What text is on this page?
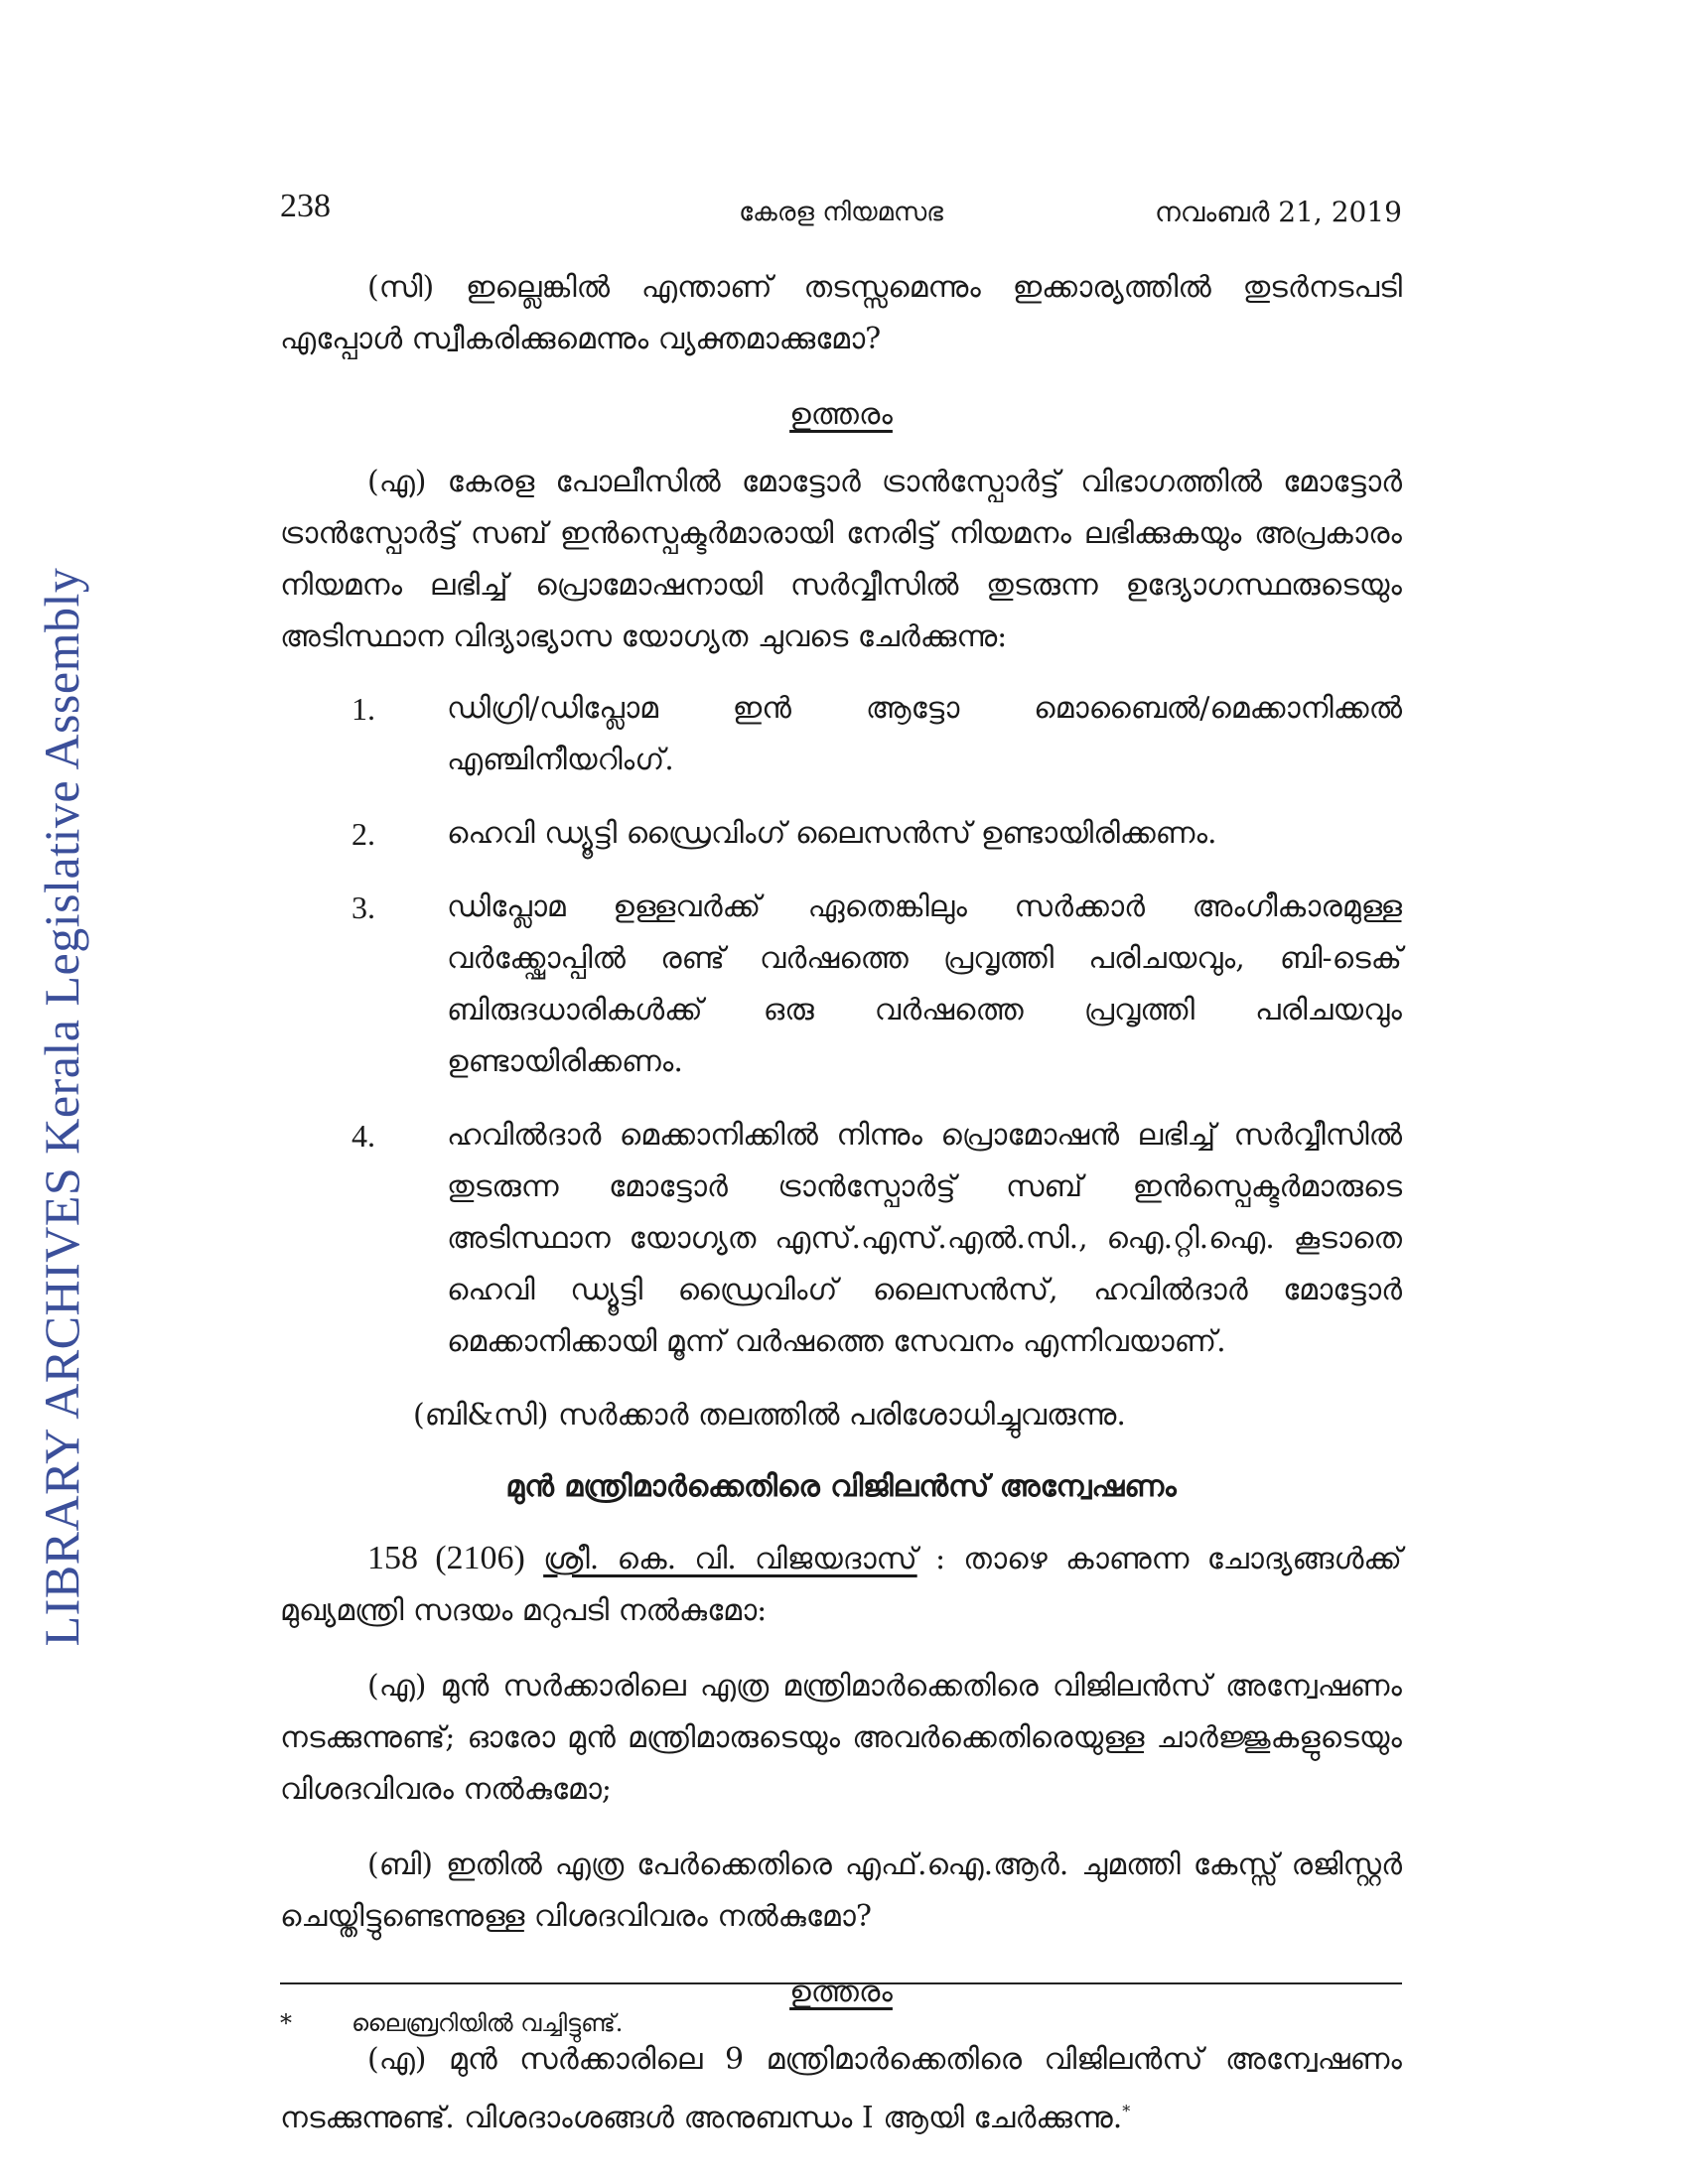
LIBRARY ARCHIVES Kerala Legislative Assembly
238	കേരള നിയമസഭ	നവംബര്‍ 21, 2019

(സി) ഇല്ലെങ്കില്‍ എന്താണ് തടസ്സമെന്നും ഇക്കാര്യത്തില്‍ തുടര്‍നടപടി എപ്പോള്‍ സ്വീകരിക്കുമെന്നും വ്യക്തമാക്കുമോ?

ഉത്തരം

(എ) കേരള പോലീസില്‍ മോട്ടോര്‍ ട്രാന്‍സ്പോര്‍ട്ട് വിഭാഗത്തില്‍ മോട്ടോര്‍ ട്രാന്‍സ്പോര്‍ട്ട് സബ് ഇന്‍സ്പെക്ടര്‍മാരായി നേരിട്ട് നിയമനം ലഭിക്കുകയും അപ്രകാരം നിയമനം ലഭിച്ച് പ്രൊമോഷനായി സര്‍വ്വീസില്‍ തുടരുന്ന ഉദ്യോഗസ്ഥരുടെയും അടിസ്ഥാന വിദ്യാഭ്യാസ യോഗ്യത ചുവടെ ചേര്‍ക്കുന്നു:

1.	ഡിഗ്രി/ഡിപ്ലോമ ഇന്‍ ആട്ടോ മൊബൈല്‍/മെക്കാനിക്കല്‍ എഞ്ചിനീയറിംഗ്.
2.	ഹെവി ഡ്യൂട്ടി ഡ്രൈവിംഗ് ലൈസന്‍സ് ഉണ്ടായിരിക്കണം.
3.	ഡിപ്ലോമ ഉള്ളവര്‍ക്ക് ഏതെങ്കിലും സര്‍ക്കാര്‍ അംഗീകാരമുള്ള വര്‍ക്ക്ഷോപ്പില്‍ രണ്ട് വര്‍ഷത്തെ പ്രവൃത്തി പരിചയവും, ബി-ടെക് ബിരുദധാരികള്‍ക്ക് ഒരു വര്‍ഷത്തെ പ്രവൃത്തി പരിചയവും ഉണ്ടായിരിക്കണം.
4.	ഹവില്‍ദാര്‍ മെക്കാനിക്കില്‍ നിന്നും പ്രൊമോഷന്‍ ലഭിച്ച് സര്‍വ്വീസില്‍ തുടരുന്ന മോട്ടോര്‍ ട്രാന്‍സ്പോര്‍ട്ട് സബ് ഇന്‍സ്പെക്ടര്‍മാരുടെ അടിസ്ഥാന യോഗ്യത എസ്.എസ്.എല്‍.സി., ഐ.റ്റി.ഐ. കൂടാതെ ഹെവി ഡ്യൂട്ടി ഡ്രൈവിംഗ് ലൈസന്‍സ്, ഹവില്‍ദാര്‍ മോട്ടോര്‍ മെക്കാനിക്കായി മൂന്ന് വര്‍ഷത്തെ സേവനം എന്നിവയാണ്.

(ബി&സി) സര്‍ക്കാര്‍ തലത്തില്‍ പരിശോധിച്ചുവരുന്നു.

മുന്‍ മന്ത്രിമാര്‍ക്കെതിരെ വിജിലന്‍സ് അന്വേഷണം

158 (2106) ശ്രീ. കെ. വി. വിജയദാസ് : താഴെ കാണുന്ന ചോദ്യങ്ങള്‍ക്ക് മുഖ്യമന്ത്രി സദയം മറുപടി നല്‍കുമോ:

(എ) മുന്‍ സര്‍ക്കാരിലെ എത്ര മന്ത്രിമാര്‍ക്കെതിരെ വിജിലന്‍സ് അന്വേഷണം നടക്കുന്നുണ്ട്; ഓരോ മുന്‍ മന്ത്രിമാരുടെയും അവര്‍ക്കെതിരെയുള്ള ചാര്‍ജ്ജുകളുടെയും വിശദവിവരം നല്‍കുമോ;

(ബി) ഇതില്‍ എത്ര പേര്‍ക്കെതിരെ എഫ്.ഐ.ആര്‍. ചുമത്തി കേസ്സ് രജിസ്റ്റര്‍ ചെയ്തിട്ടുണ്ടെന്നുള്ള വിശദവിവരം നല്‍കുമോ?

ഉത്തരം

(എ) മുന്‍ സര്‍ക്കാരിലെ 9 മന്ത്രിമാര്‍ക്കെതിരെ വിജിലന്‍സ് അന്വേഷണം നടക്കുന്നുണ്ട്. വിശദാംശങ്ങള്‍ അനുബന്ധം I ആയി ചേര്‍ക്കുന്നു.*

*	ലൈബ്രറിയില്‍ വച്ചിട്ടുണ്ട്.
